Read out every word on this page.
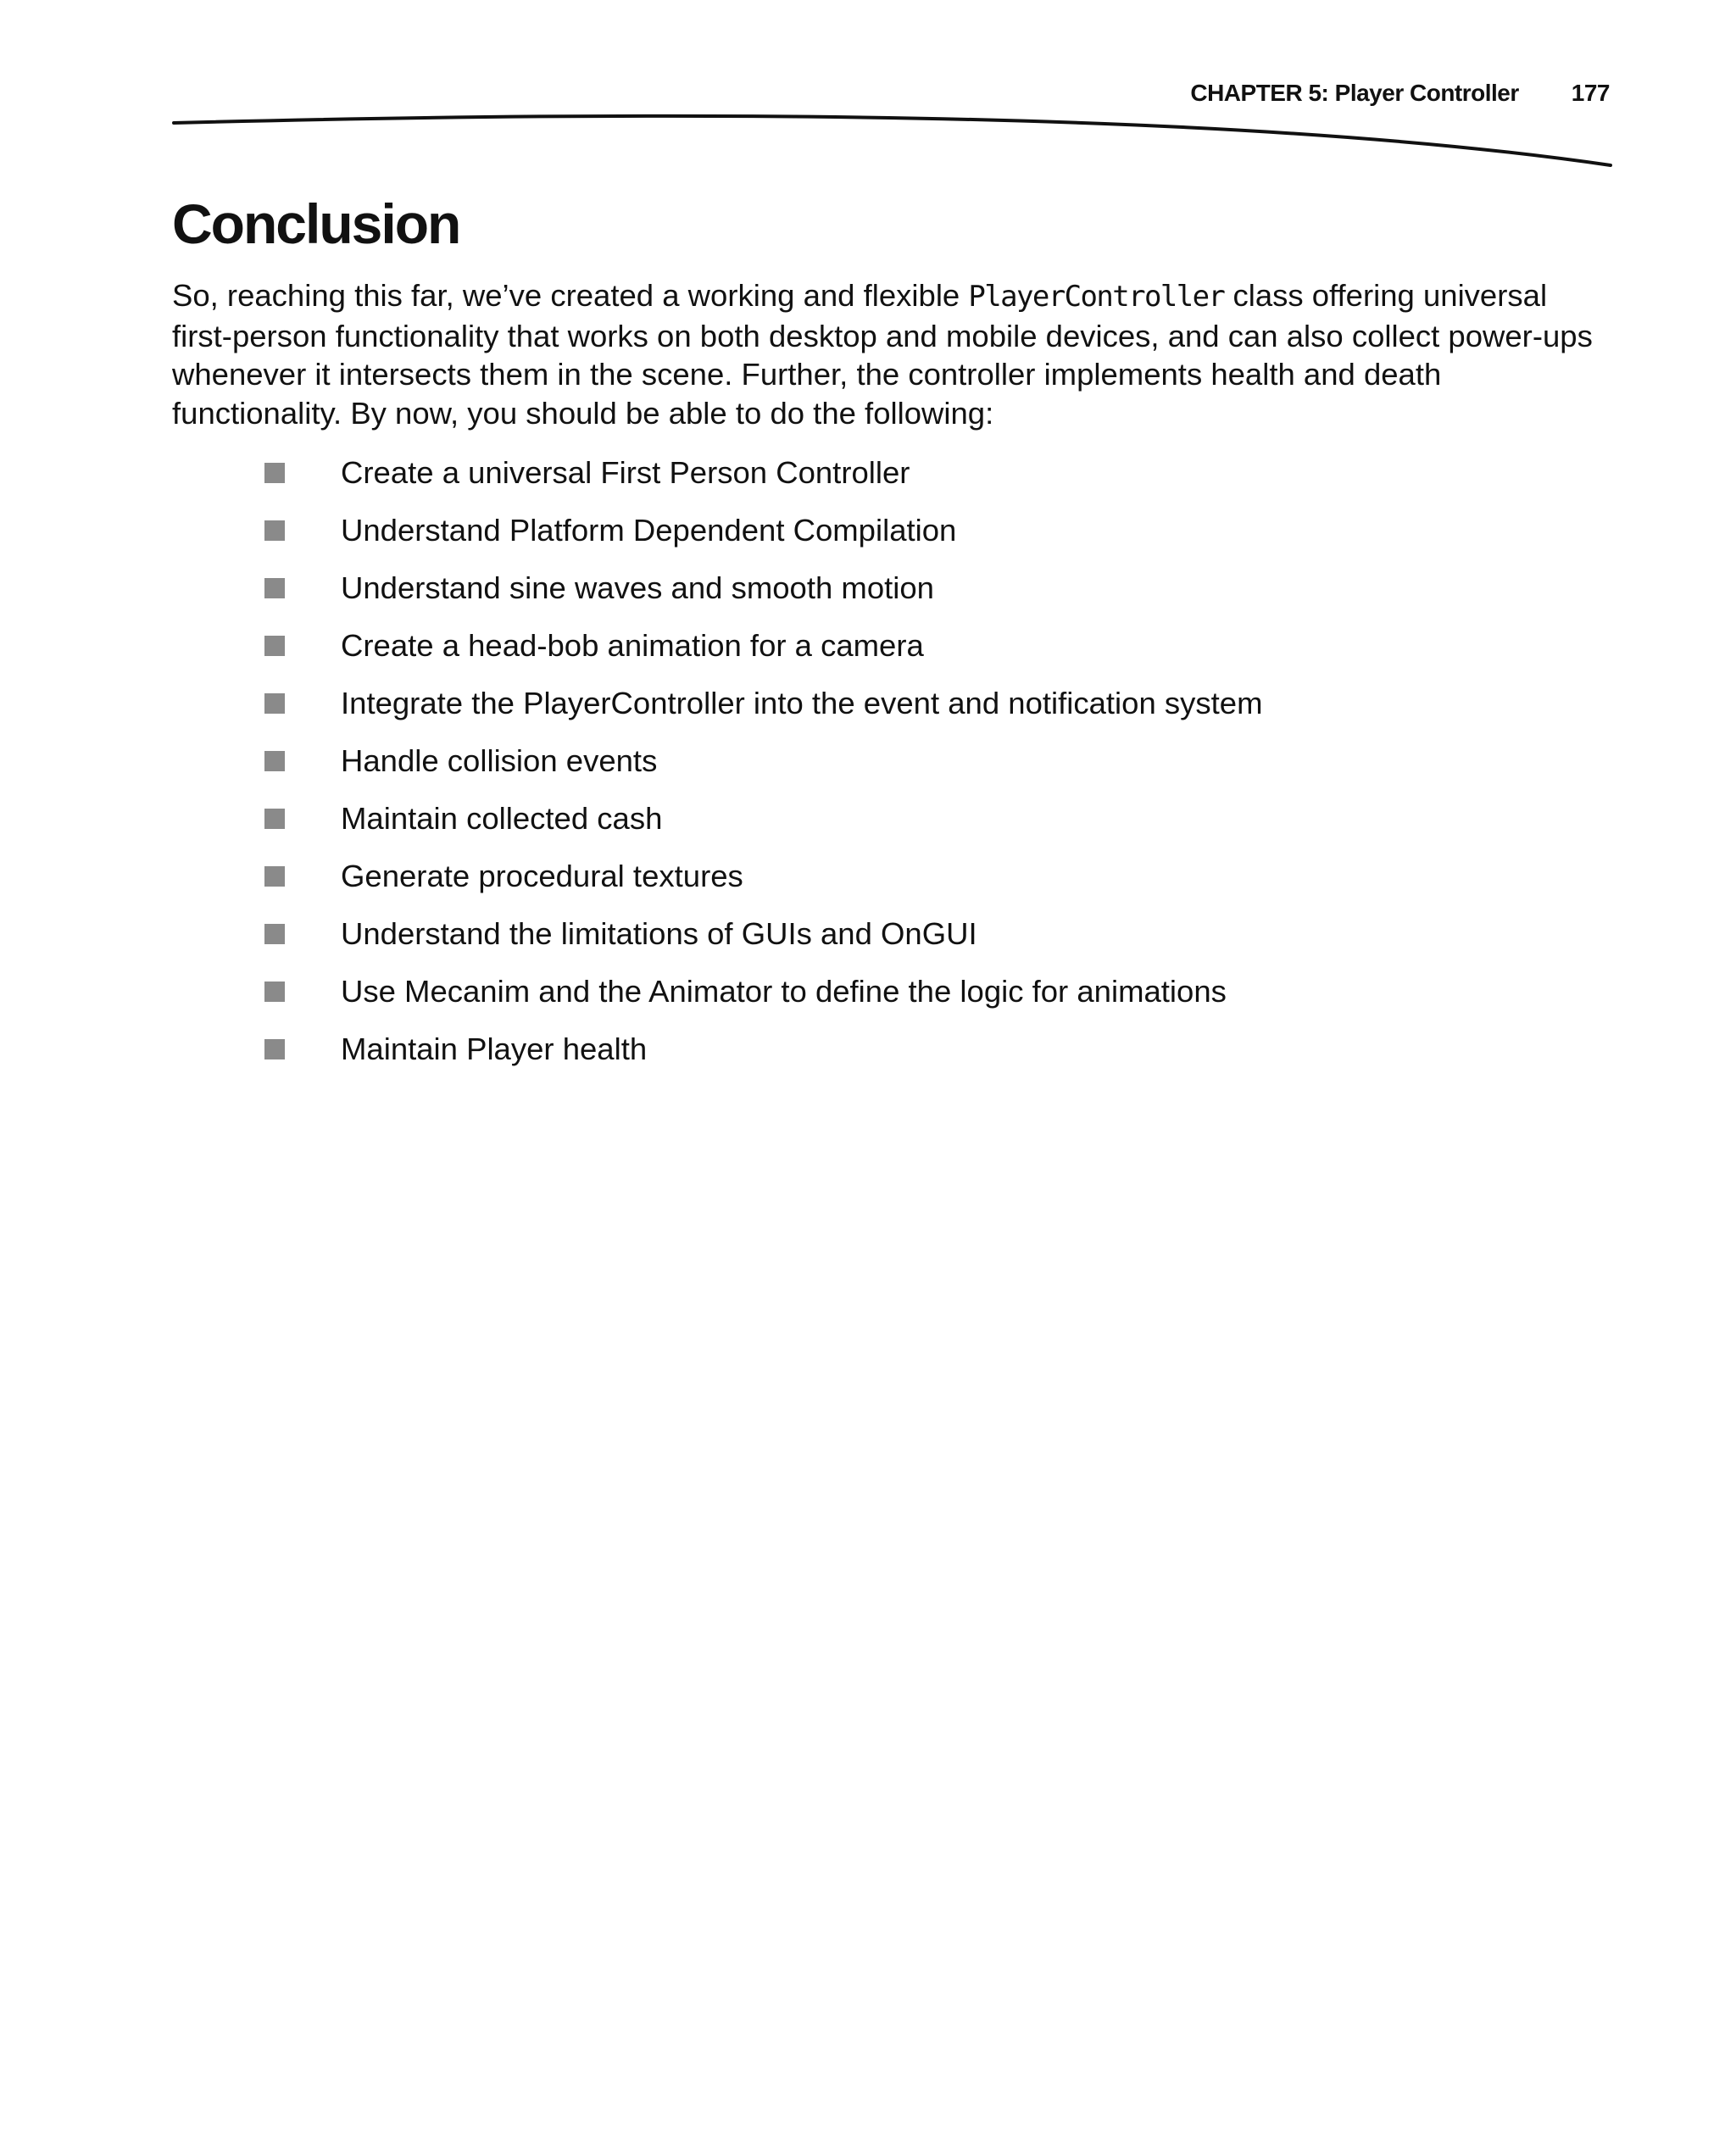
CHAPTER 5: Player Controller 177
Conclusion

So, reaching this far, we’ve created a working and flexible PlayerController class offering universal first-person functionality that works on both desktop and mobile devices, and can also collect power-ups whenever it intersects them in the scene. Further, the controller implements health and death functionality. By now, you should be able to do the following:

Create a universal First Person Controller
Understand Platform Dependent Compilation
Understand sine waves and smooth motion
Create a head-bob animation for a camera
Integrate the PlayerController into the event and notification system
Handle collision events
Maintain collected cash
Generate procedural textures
Understand the limitations of GUIs and OnGUI
Use Mecanim and the Animator to define the logic for animations
Maintain Player health
